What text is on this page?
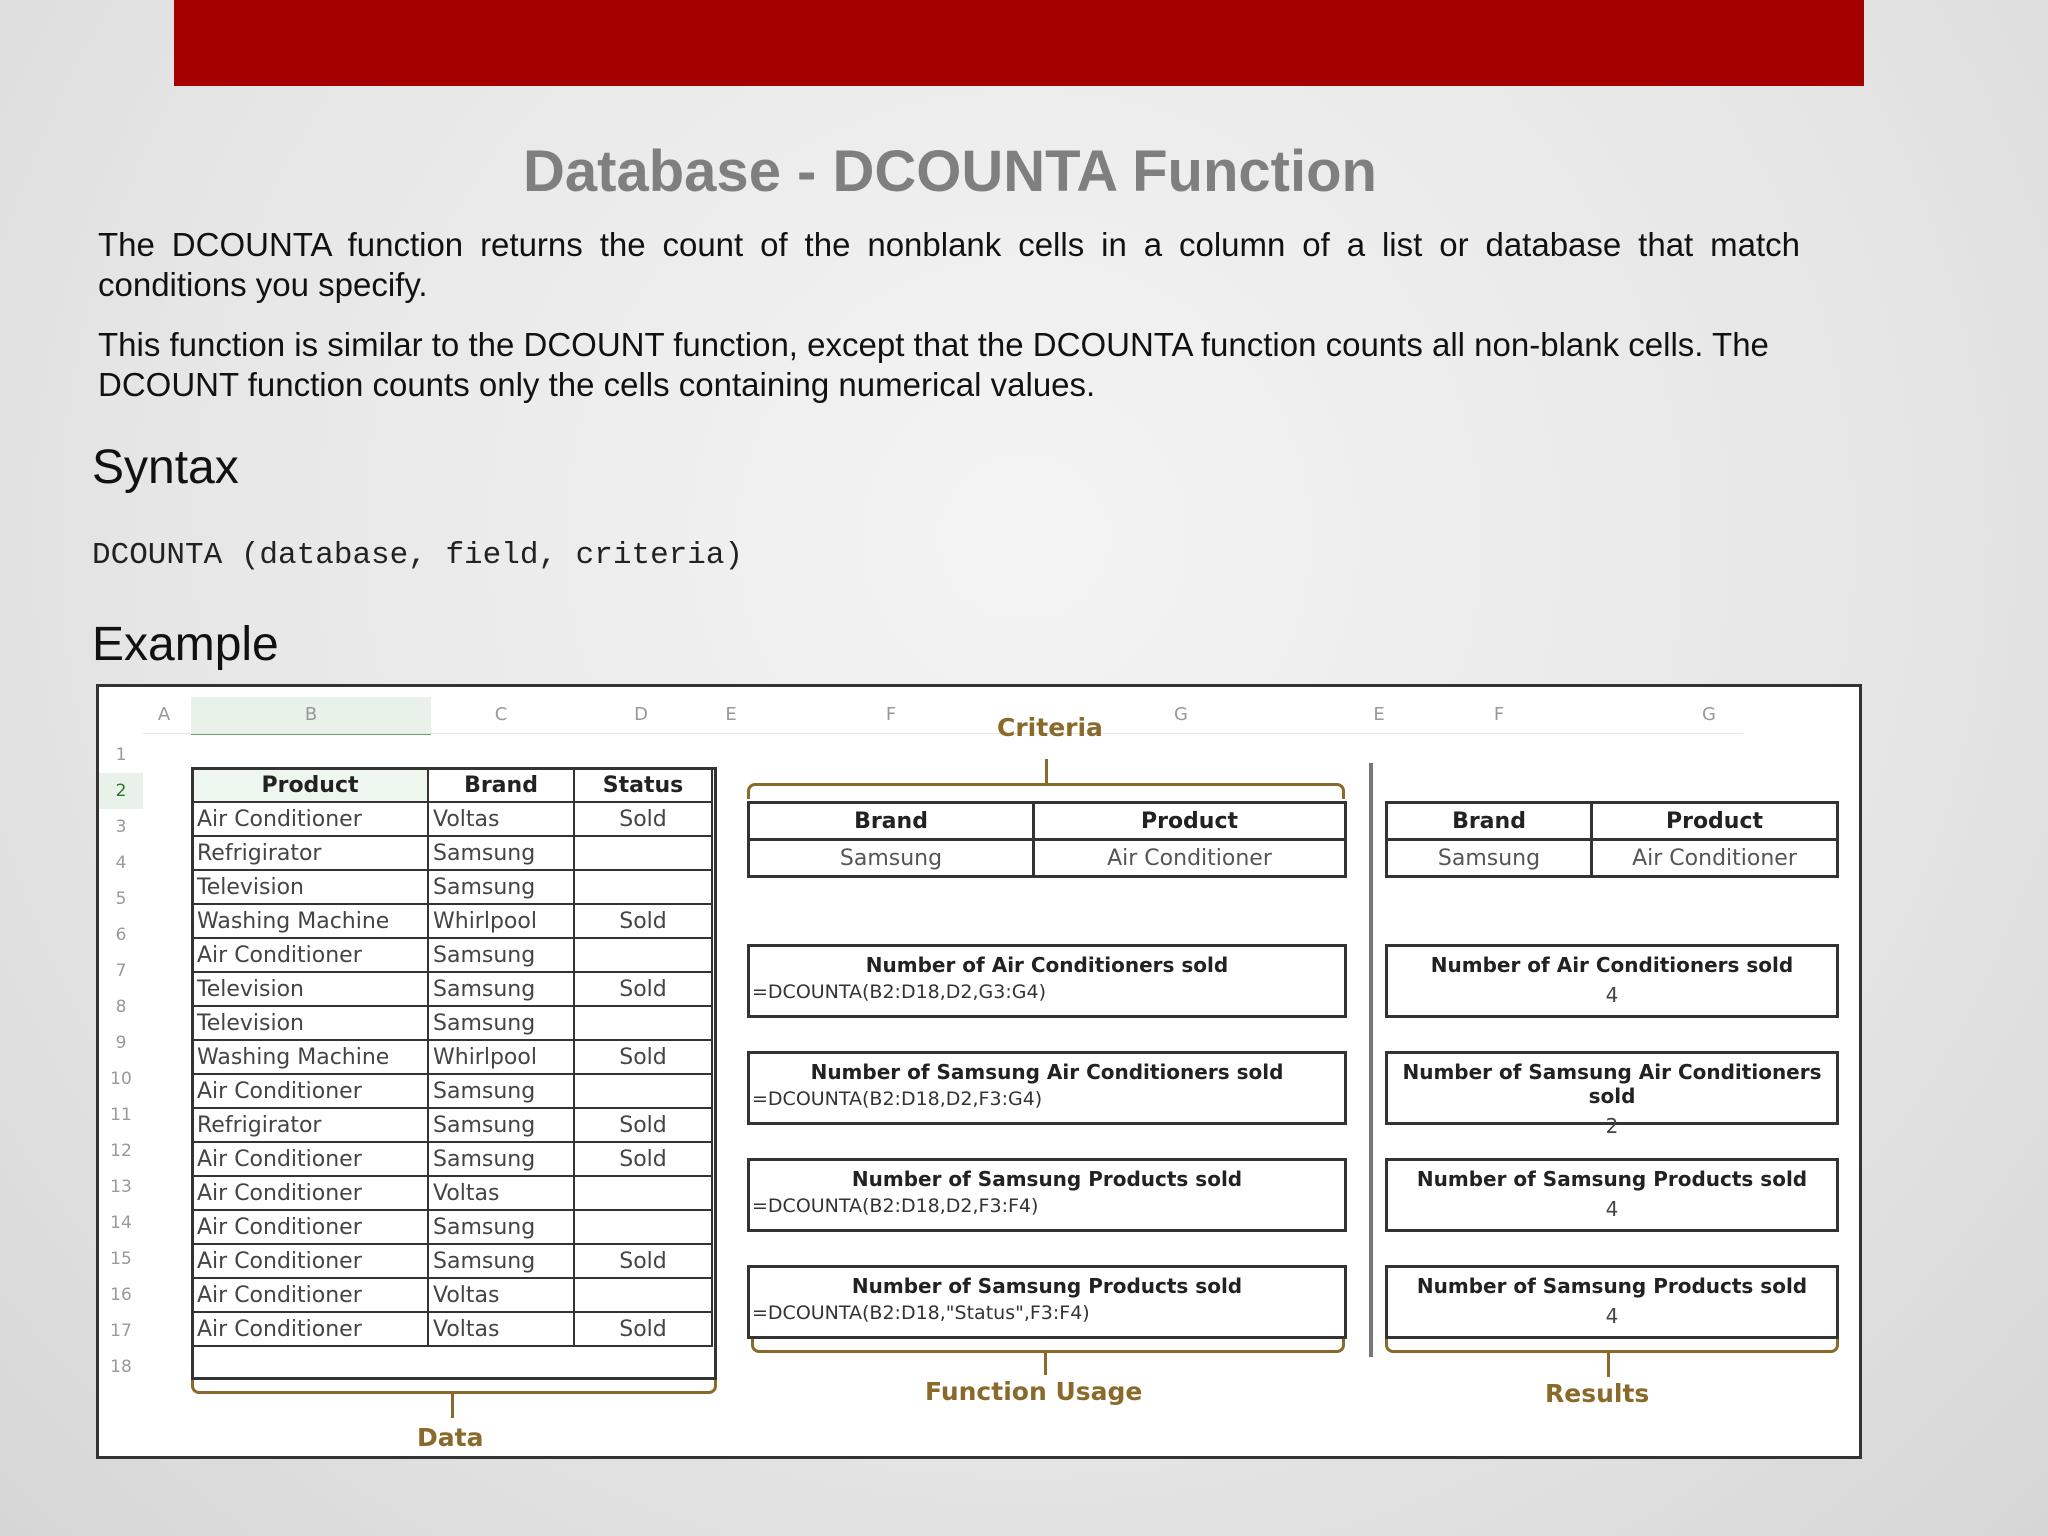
Database - DCOUNTA Function
The DCOUNTA function returns the count of the nonblank cells in a column of a list or database that match conditions you specify.
This function is similar to the DCOUNT function, except that the DCOUNTA function counts all non-blank cells. The DCOUNT function counts only the cells containing numerical values.
Syntax
DCOUNTA (database, field, criteria)
Example
A	B	C	D	E	F	G	E	F	G
1
2
3
4
5
6
7
8
9
10
11
12
13
14
15
16
17
18
Product	Brand	Status
Air Conditioner	Voltas	Sold
Refrigirator	Samsung	
Television	Samsung	
Washing Machine	Whirlpool	Sold
Air Conditioner	Samsung	
Television	Samsung	Sold
Television	Samsung	
Washing Machine	Whirlpool	Sold
Air Conditioner	Samsung	
Refrigirator	Samsung	Sold
Air Conditioner	Samsung	Sold
Air Conditioner	Voltas	
Air Conditioner	Samsung	
Air Conditioner	Samsung	Sold
Air Conditioner	Voltas	
Air Conditioner	Voltas	Sold
Criteria
Brand	Product
Samsung	Air Conditioner
Number of Air Conditioners sold
=DCOUNTA(B2:D18,D2,G3:G4)
Number of Samsung Air Conditioners sold
=DCOUNTA(B2:D18,D2,F3:G4)
Number of Samsung Products sold
=DCOUNTA(B2:D18,D2,F3:F4)
Number of Samsung Products sold
=DCOUNTA(B2:D18,"Status",F3:F4)
Function Usage
Brand	Product
Samsung	Air Conditioner
Number of Air Conditioners sold
4
Number of Samsung Air Conditioners sold
2
Number of Samsung Products sold
4
Number of Samsung Products sold
4
Results
Data
